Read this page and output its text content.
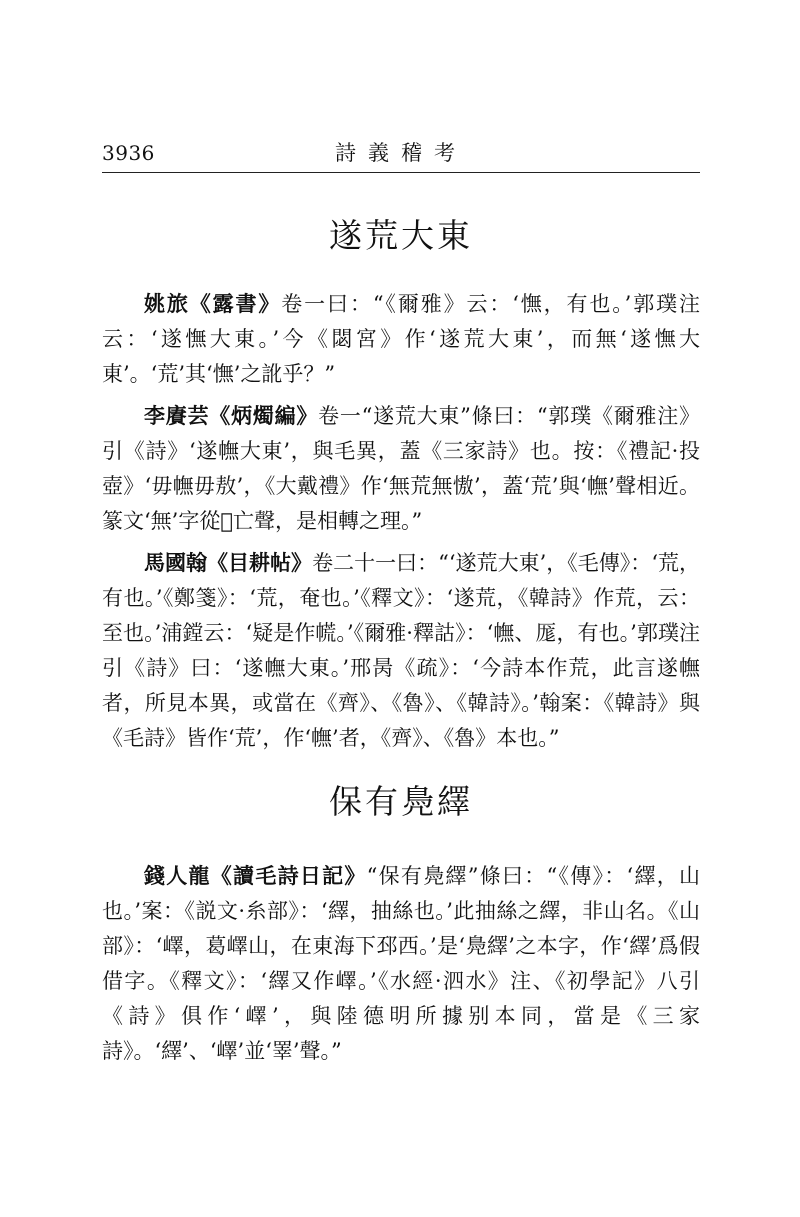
3936	詩義稽考
遂荒大東

姚旅《露書》卷一曰：“《爾雅》云：‘憮，有也。’郭璞注云：‘遂憮大東。’今《閟宮》作‘遂荒大東’，而無‘遂憮大東’。‘荒’其‘憮’之訛乎？”

李賡芸《炳燭編》卷一“遂荒大東”條曰：“郭璞《爾雅注》引《詩》‘遂幠大東’，與毛異，蓋《三家詩》也。按：《禮記·投壺》‘毋幠毋敖’，《大戴禮》作‘無荒無慠’，蓋‘荒’與‘幠’聲相近。篆文‘無’字從𣞤亡聲，是相轉之理。”

馬國翰《目耕帖》卷二十一曰：“‘遂荒大東’，《毛傳》：‘荒，有也。’《鄭箋》：‘荒，奄也。’《釋文》：‘遂荒，《韓詩》作荒，云：至也。’浦鏜云：‘疑是作㡛。’《爾雅·釋詁》：‘幠、厖，有也。’郭璞注引《詩》曰：‘遂幠大東。’邢昺《疏》：‘今詩本作荒，此言遂幠者，所見本異，或當在《齊》、《魯》、《韓詩》。’翰案：《韓詩》與《毛詩》皆作‘荒’，作‘幠’者，《齊》、《魯》本也。”

保有鳧繹

錢人龍《讀毛詩日記》“保有鳧繹”條曰：“《傳》：‘繹，山也。’案：《説文·糸部》：‘繹，抽絲也。’此抽絲之繹，非山名。《山部》：‘嶧，葛嶧山，在東海下邳西。’是‘鳧繹’之本字，作‘繹’爲假借字。《釋文》：‘繹又作嶧。’《水經·泗水》注、《初學記》八引《詩》俱作‘嶧’，與陸德明所據别本同，當是《三家詩》。‘繹’、‘嶧’並‘睪’聲。”
